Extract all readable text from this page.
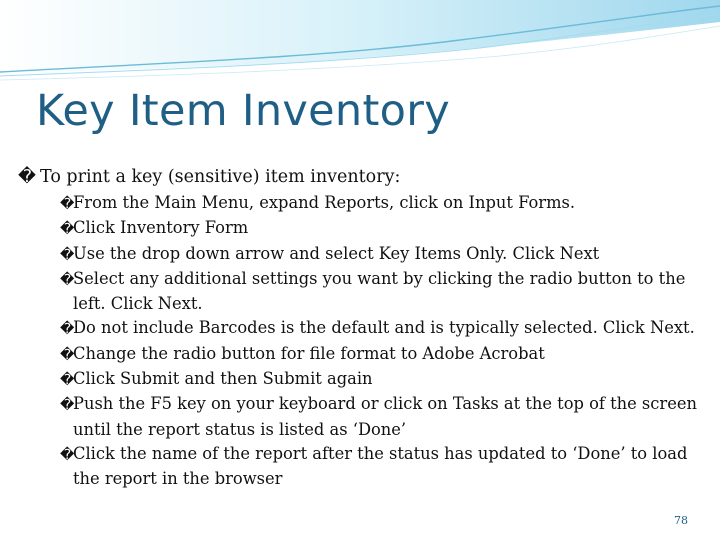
Key Item Inventory
� To print a key (sensitive) item inventory:
�From the Main Menu, expand Reports, click on Input Forms.
�Click Inventory Form
�Use the drop down arrow and select Key Items Only. Click Next
�Select any additional settings you want by clicking the radio button to the left. Click Next.
�Do not include Barcodes is the default and is typically selected. Click Next.
�Change the radio button for file format to Adobe Acrobat
�Click Submit and then Submit again
�Push the F5 key on your keyboard or click on Tasks at the top of the screen until the report status is listed as ‘Done’
�Click the name of the report after the status has updated to ‘Done’ to load the report in the browser
78
